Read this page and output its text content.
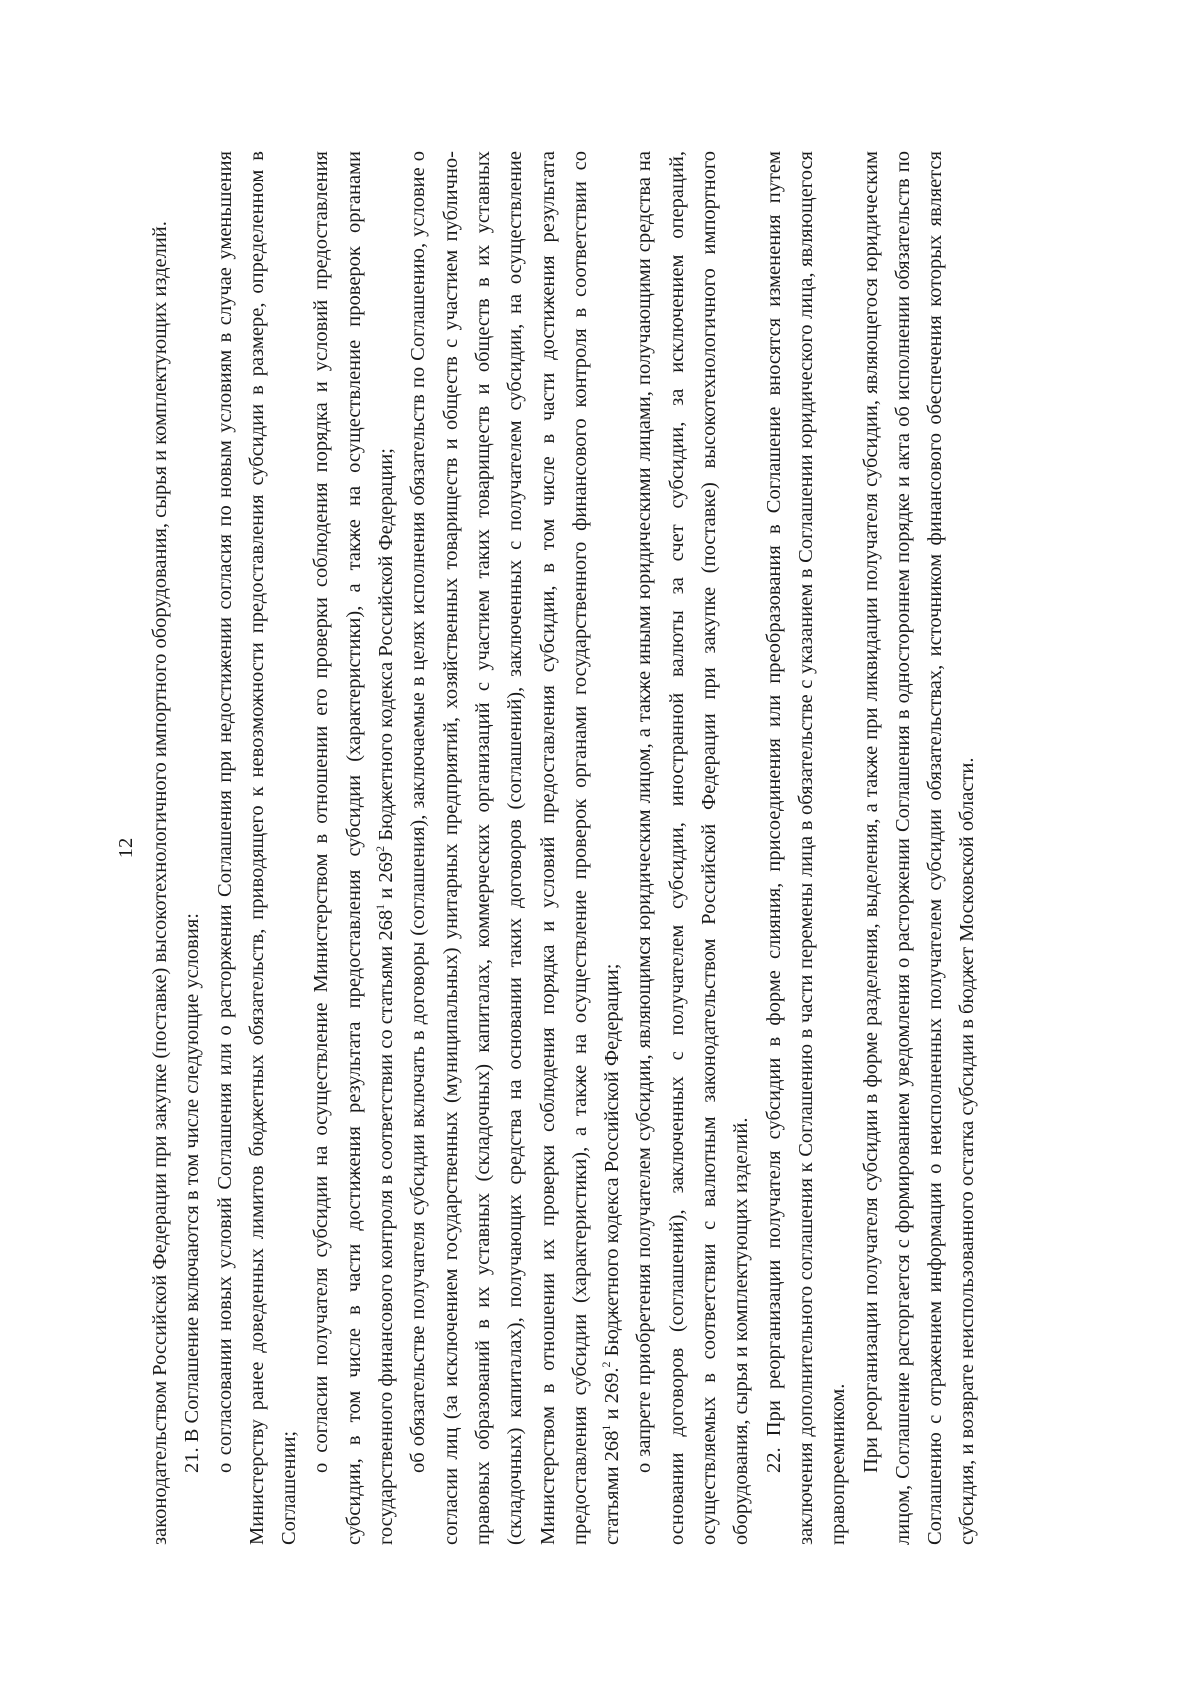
12 законодательством Российской Федерации при закупке (поставке) высокотехнологичного импортного оборудования, сырья и комплектующих изделий. 21. В Соглашение включаются в том числе следующие условия: о согласовании новых условий Соглашения или о расторжении Соглашения при недостижении согласия по новым условиям в случае уменьшения Министерству ранее доведенных лимитов бюджетных обязательств, приводящего к невозможности предоставления субсидии в размере, определенном в Соглашении;

о согласии получателя субсидии на осуществление Министерством в отношении его проверки соблюдения порядка и условий предоставления субсидии, в том числе в части достижения результата предоставления субсидии (характеристики), а также на осуществление проверок органами государственного финансового контроля в соответствии со статьями $268^1$ и $269^2$ Бюджетного кодекса Российской Федерации; об обязательстве получателя субсидии включать в договоры (соглашения), заключаемые в целях исполнения обязательств по Соглашению, условие о согласии лиц (за исключением государственных (муниципальных) унитарных предприятий, хозяйственных товариществ и обществ с участием публично-правовых образований в их уставных (складочных) капиталах, коммерческих организаций с участием таких товариществ и обществ в их уставных (складочных) капиталах), получающих средства на основании таких договоров (соглашений), заключенных с получателем субсидии, на осуществление Министерством в отношении их проверки соблюдения порядка и условий предоставления субсидии, в том числе в части достижения результата предоставления субсидии (характеристики), а также на осуществление проверок органами государственного финансового контроля в соответствии со статьями $268^1$ и 269.$^2$ Бюджетного кодекса Российской Федерации; о запрете приобретения получателем субсидии, являющимся юридическим лицом, а также иными юридическими лицами, получающими средства на основании договоров (соглашений), заключенных с получателем субсидии, иностранной валюты за счет субсидии, за исключением операций, осуществляемых в соответствии с валютным законодательством Российской Федерации при закупке (поставке) высокотехнологичного импортного оборудования, сырья и комплектующих изделий. 22. При реорганизации получателя субсидии в форме слияния, присоединения или преобразования в Соглашение вносятся изменения путем заключения дополнительного соглашения к Соглашению в части перемены лица в обязательстве с указанием в Соглашении юридического лица, являющегося правопреемником. При реорганизации получателя субсидии в форме разделения, выделения, а также при ликвидации получателя субсидии, являющегося юридическим лицом, Соглашение расторгается с формированием уведомления о расторжении Соглашения в одностороннем порядке и акта об исполнении обязательств по Соглашению с отражением информации о неисполненных получателем субсидии обязательствах, источником финансового обеспечения которых является субсидия, и возврате неиспользованного остатка субсидии в бюджет Московской области.
